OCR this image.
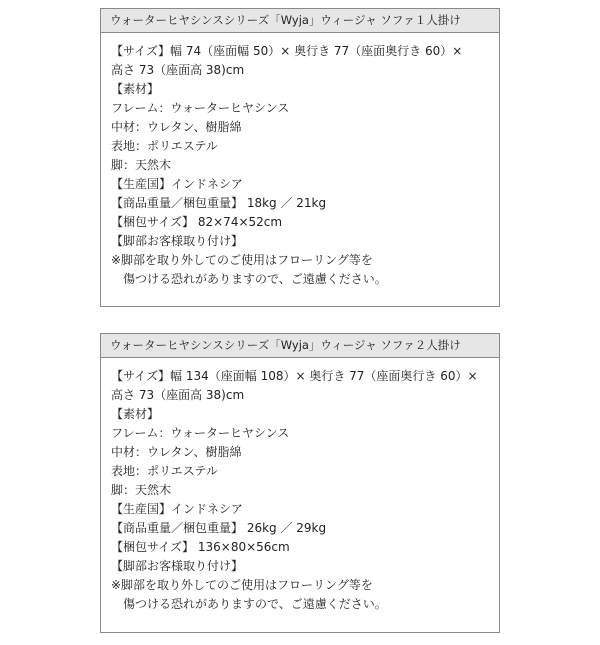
ウォーターヒヤシンスシリーズ「Wyja」ウィージャ ソファ１人掛け
【サイズ】幅 74（座面幅 50）× 奥行き 77（座面奥行き 60）×
高さ 73（座面高 38)cm
【素材】
フレーム：ウォーターヒヤシンス
中材：ウレタン、樹脂綿
表地：ポリエステル
脚：天然木
【生産国】インドネシア
【商品重量／梱包重量】 18kg ／ 21kg
【梱包サイズ】 82×74×52cm
【脚部お客様取り付け】
※脚部を取り外してのご使用はフローリング等を
傷つける恐れがありますので、ご遠慮ください。
ウォーターヒヤシンスシリーズ「Wyja」ウィージャ ソファ２人掛け
【サイズ】幅 134（座面幅 108）× 奥行き 77（座面奥行き 60）×
高さ 73（座面高 38)cm
【素材】
フレーム：ウォーターヒヤシンス
中材：ウレタン、樹脂綿
表地：ポリエステル
脚：天然木
【生産国】インドネシア
【商品重量／梱包重量】 26kg ／ 29kg
【梱包サイズ】 136×80×56cm
【脚部お客様取り付け】
※脚部を取り外してのご使用はフローリング等を
傷つける恐れがありますので、ご遠慮ください。
